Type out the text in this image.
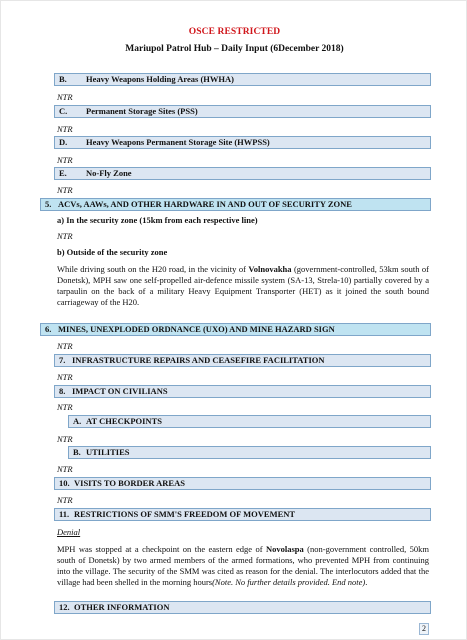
OSCE RESTRICTED
Mariupol Patrol Hub – Daily Input (6December 2018)
B. Heavy Weapons Holding Areas (HWHA)
NTR
C. Permanent Storage Sites (PSS)
NTR
D. Heavy Weapons Permanent Storage Site (HWPSS)
NTR
E. No-Fly Zone
NTR
5. ACVs, AAWs, AND OTHER HARDWARE IN AND OUT OF SECURITY ZONE
a) In the security zone (15km from each respective line)
NTR
b) Outside of the security zone
While driving south on the H20 road, in the vicinity of Volnovakha (government-controlled, 53km south of Donetsk), MPH saw one self-propelled air-defence missile system (SA-13, Strela-10) partially covered by a tarpaulin on the back of a military Heavy Equipment Transporter (HET) as it joined the south bound carriageway of the H20.
6. MINES, UNEXPLODED ORDNANCE (UXO) AND MINE HAZARD SIGN
NTR
7. INFRASTRUCTURE REPAIRS AND CEASEFIRE FACILITATION
NTR
8. IMPACT ON CIVILIANS
NTR
A. AT CHECKPOINTS
NTR
B. UTILITIES
NTR
10. VISITS TO BORDER AREAS
NTR
11. RESTRICTIONS OF SMM'S FREEDOM OF MOVEMENT
Denial
MPH was stopped at a checkpoint on the eastern edge of Novolaspa (non-government controlled, 50km south of Donetsk) by two armed members of the armed formations, who prevented MPH from continuing into the village. The security of the SMM was cited as reason for the denial. The interlocutors added that the village had been shelled in the morning hours(Note. No further details provided. End note).
12. OTHER INFORMATION
2
